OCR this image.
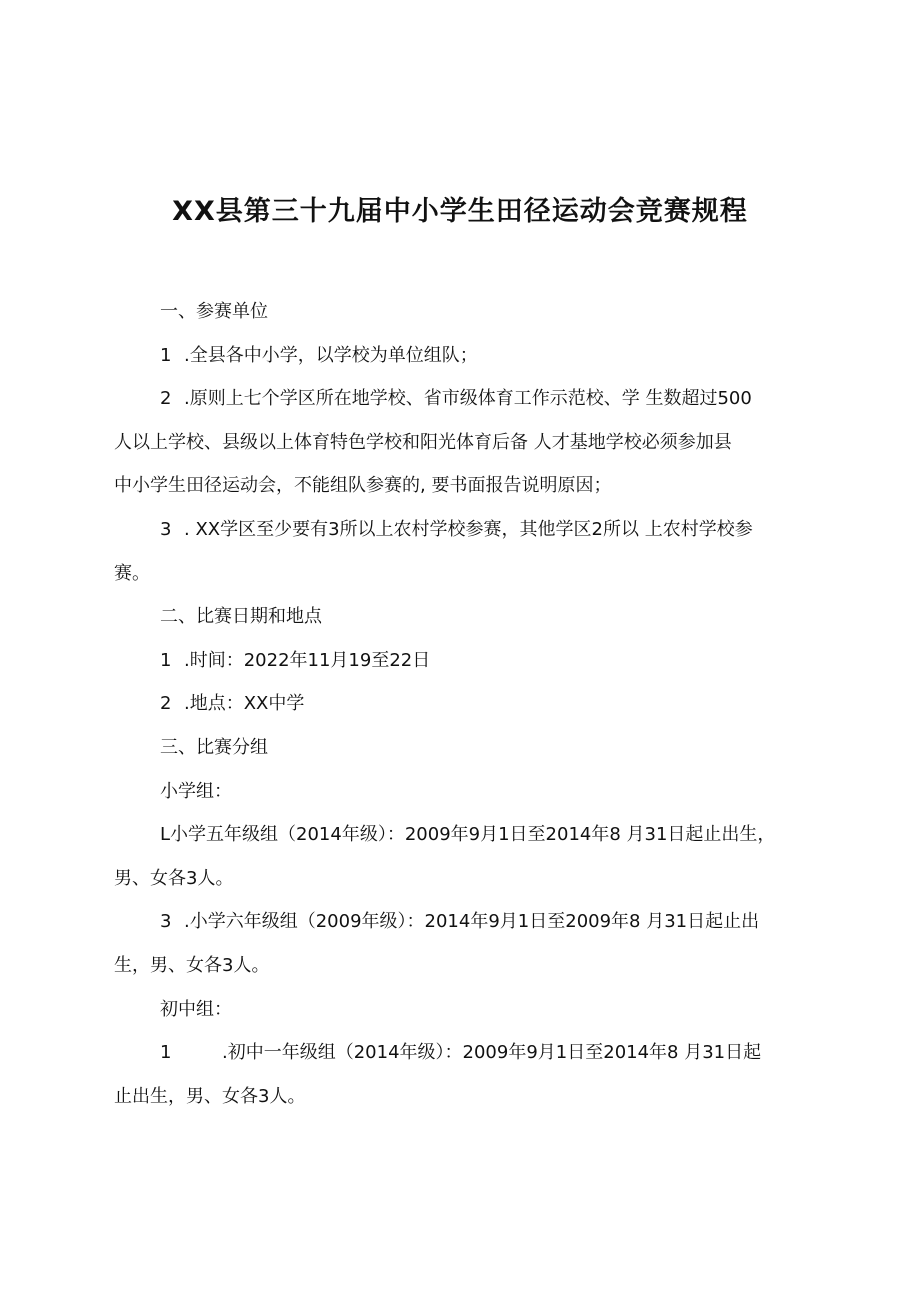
XX县第三十九届中小学生田径运动会竞赛规程

一、参赛单位

1 .全县各中小学，以学校为单位组队；

2 .原则上七个学区所在地学校、省市级体育工作示范校、学 生数超过500

人以上学校、县级以上体育特色学校和阳光体育后备 人才基地学校必须参加县

中小学生田径运动会，不能组队参赛的, 要书面报告说明原因；

3 . XX学区至少要有3所以上农村学校参赛，其他学区2所以 上农村学校参

赛。

二、比赛日期和地点

1 .时间：2022年11月19至22日

2 .地点：XX中学

三、比赛分组

小学组：

L小学五年级组（2014年级）：2009年9月1日至2014年8 月31日起止出生，

男、女各3人。

3 .小学六年级组（2009年级）：2014年9月1日至2009年8 月31日起止出

生，男、女各3人。

初中组：

1	.初中一年级组（2014年级）：2009年9月1日至2014年8 月31日起

止出生，男、女各3人。
